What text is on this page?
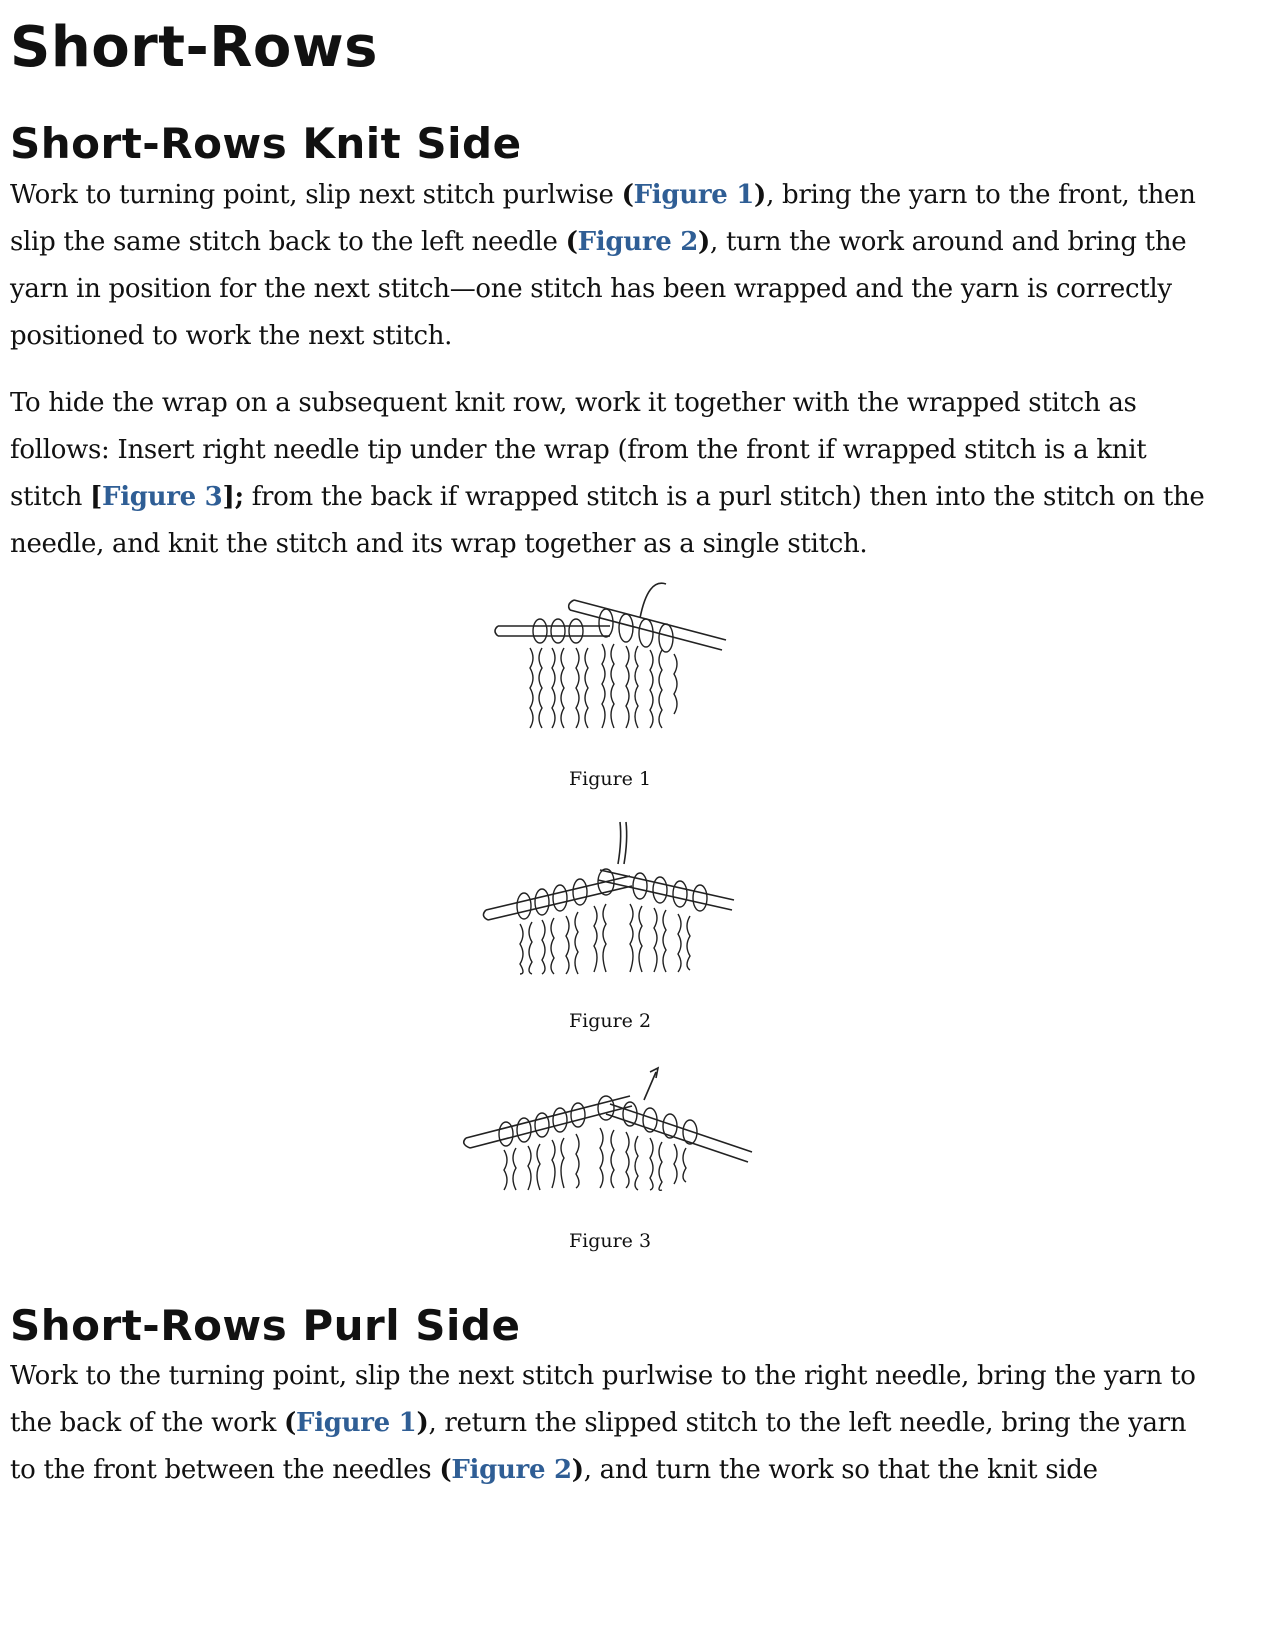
Short-Rows
Short-Rows Knit Side

Work to turning point, slip next stitch purlwise (Figure 1), bring the yarn to the front, then slip the same stitch back to the left needle (Figure 2), turn the work around and bring the yarn in position for the next stitch—one stitch has been wrapped and the yarn is correctly positioned to work the next stitch.

To hide the wrap on a subsequent knit row, work it together with the wrapped stitch as follows: Insert right needle tip under the wrap (from the front if wrapped stitch is a knit stitch [Figure 3]; from the back if wrapped stitch is a purl stitch) then into the stitch on the needle, and knit the stitch and its wrap together as a single stitch.

Figure 1
Figure 2
Figure 3
Short-Rows Purl Side

Work to the turning point, slip the next stitch purlwise to the right needle, bring the yarn to the back of the work (Figure 1), return the slipped stitch to the left needle, bring the yarn to the front between the needles (Figure 2), and turn the work so that the knit side
